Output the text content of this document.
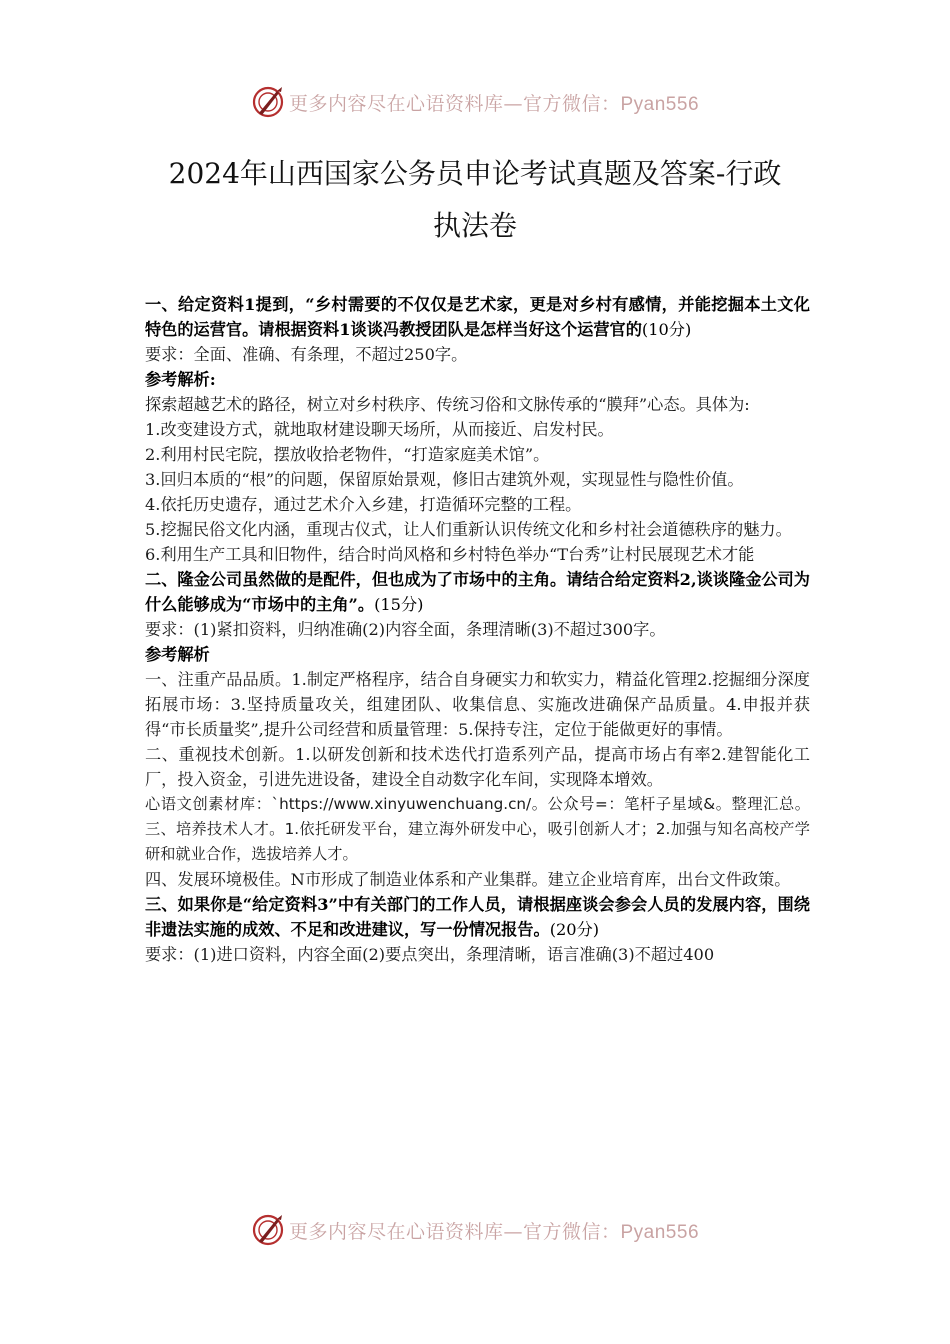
更多内容尽在心语资料库—官方微信：Pyan556
2024年山西国家公务员申论考试真题及答案-行政
执法卷

一、给定资料1提到，“乡村需要的不仅仅是艺术家，更是对乡村有感情，并能挖掘本土文化特色的运营官。请根据资料1谈谈冯教授团队是怎样当好这个运营官的(10分)

要求：全面、准确、有条理，不超过250字。

参考解析:

探索超越艺术的路径，树立对乡村秩序、传统习俗和文脉传承的“膜拜”心态。具体为:

1.改变建设方式，就地取材建设聊天场所，从而接近、启发村民。

2.利用村民宅院，摆放收拾老物件，“打造家庭美术馆”。

3.回归本质的“根”的问题，保留原始景观，修旧古建筑外观，实现显性与隐性价值。

4.依托历史遗存，通过艺术介入乡建，打造循环完整的工程。

5.挖掘民俗文化内涵，重现古仪式，让人们重新认识传统文化和乡村社会道德秩序的魅力。

6.利用生产工具和旧物件，结合时尚风格和乡村特色举办“T台秀”让村民展现艺术才能

二、隆金公司虽然做的是配件，但也成为了市场中的主角。请结合给定资料2,谈谈隆金公司为什么能够成为“市场中的主角”。(15分)

要求：(1)紧扣资料，归纳准确(2)内容全面，条理清晰(3)不超过300字。

参考解析

一、注重产品品质。1.制定严格程序，结合自身硬实力和软实力，精益化管理2.挖掘细分深度拓展市场：3.坚持质量攻关，组建团队、收集信息、实施改进确保产品质量。4.申报并获得“市长质量奖”,提升公司经营和质量管理：5.保持专注，定位于能做更好的事情。

二、重视技术创新。1.以研发创新和技术迭代打造系列产品，提高市场占有率2.建智能化工厂，投入资金，引进先进设备，建设全自动数字化车间，实现降本增效。

心语文创素材库：`https://www.xinyuwenchuang.cn/。公众号=：笔杆子星域&。整理汇总。三、培养技术人才。1.依托研发平台，建立海外研发中心，吸引创新人才；2.加强与知名高校产学研和就业合作，选拔培养人才。

四、发展环境极佳。N市形成了制造业体系和产业集群。建立企业培育库，出台文件政策。

三、如果你是“给定资料3”中有关部门的工作人员，请根据座谈会参会人员的发展内容，围绕非遗法实施的成效、不足和改进建议，写一份情况报告。(20分)

要求：(1)进口资料，内容全面(2)要点突出，条理清晰，语言准确(3)不超过400

更多内容尽在心语资料库—官方微信：Pyan556
